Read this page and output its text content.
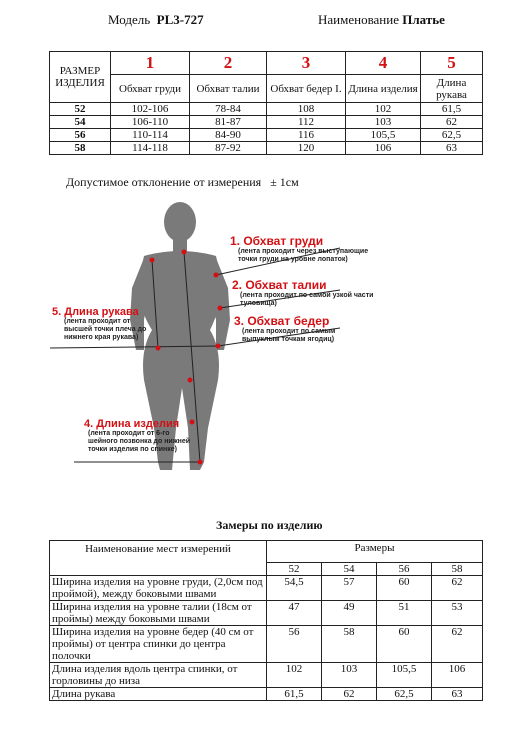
Модель PL3-727	Наименование Платье
РАЗМЕР ИЗДЕЛИЯ	1	2	3	4	5
	Обхват груди	Обхват талии	Обхват бедер I.	Длина изделия	Длина рукава
52	102-106	78-84	108	102	61,5
54	106-110	81-87	112	103	62
56	110-114	84-90	116	105,5	62,5
58	114-118	87-92	120	106	63
Допустимое отклонение от измерения ± 1см
1. Обхват груди
(лента проходит через выступающие точки груди на уровне лопаток)
2. Обхват талии
(лента проходит по самой узкой части туловища)
3. Обхват бедер
(лента проходит по самым выпуклым точкам ягодиц)
5. Длина рукава
(лента проходит от высшей точки плеча до нижнего края рукава)
4. Длина изделия
(лента проходит от 6-го шейного позвонка до нижней точки изделия по спинке)
Замеры по изделию
Наименование мест измерений	Размеры			
	52	54	56	58
Ширина изделия на уровне груди, (2,0см под проймой), между боковыми швами	54,5	57	60	62
Ширина изделия на уровне талии (18см от проймы) между боковыми швами	47	49	51	53
Ширина изделия на уровне бедер (40 см от проймы) от центра спинки до центра полочки	56	58	60	62
Длина изделия вдоль центра спинки, от горловины до низа	102	103	105,5	106
Длина рукава	61,5	62	62,5	63
